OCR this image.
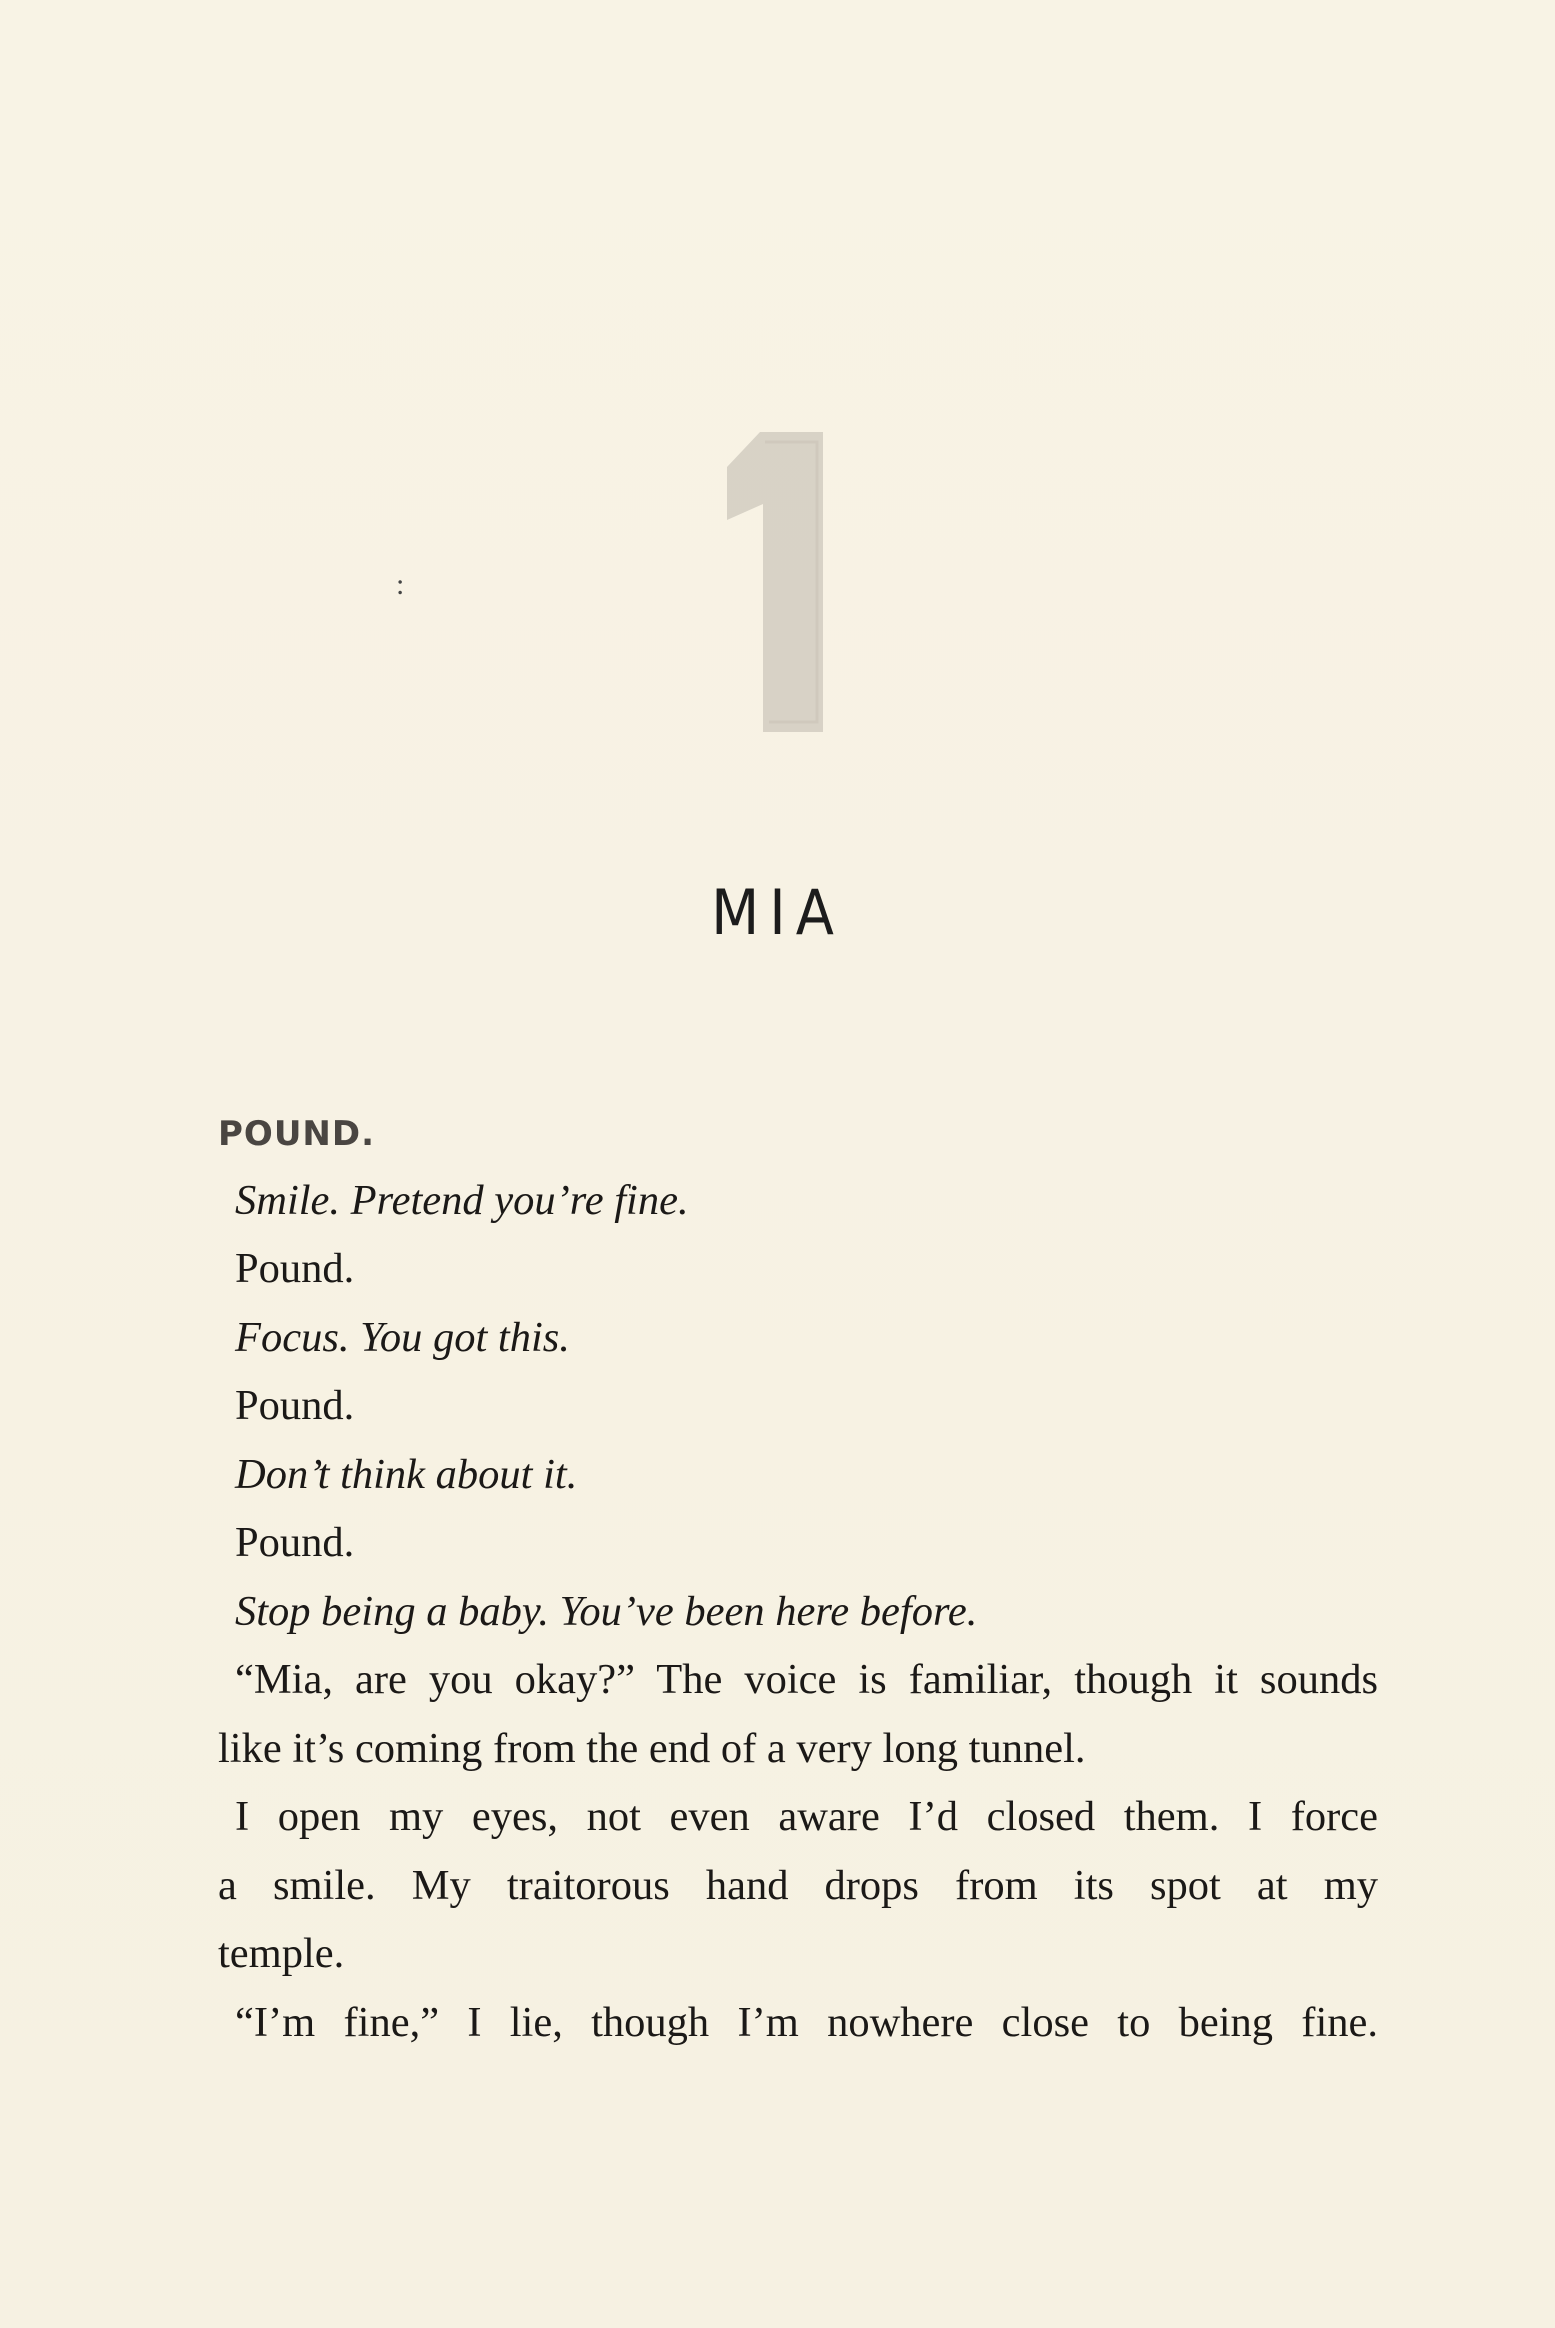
:
MIA
POUND.
Smile. Pretend you’re fine.
Pound.
Focus. You got this.
Pound.
Don’t think about it.
Pound.
Stop being a baby. You’ve been here before.
“Mia, are you okay?” The voice is familiar, though it sounds
like it’s coming from the end of a very long tunnel.
I open my eyes, not even aware I’d closed them. I force
a smile. My traitorous hand drops from its spot at my
temple.
“I’m fine,” I lie, though I’m nowhere close to being fine.
